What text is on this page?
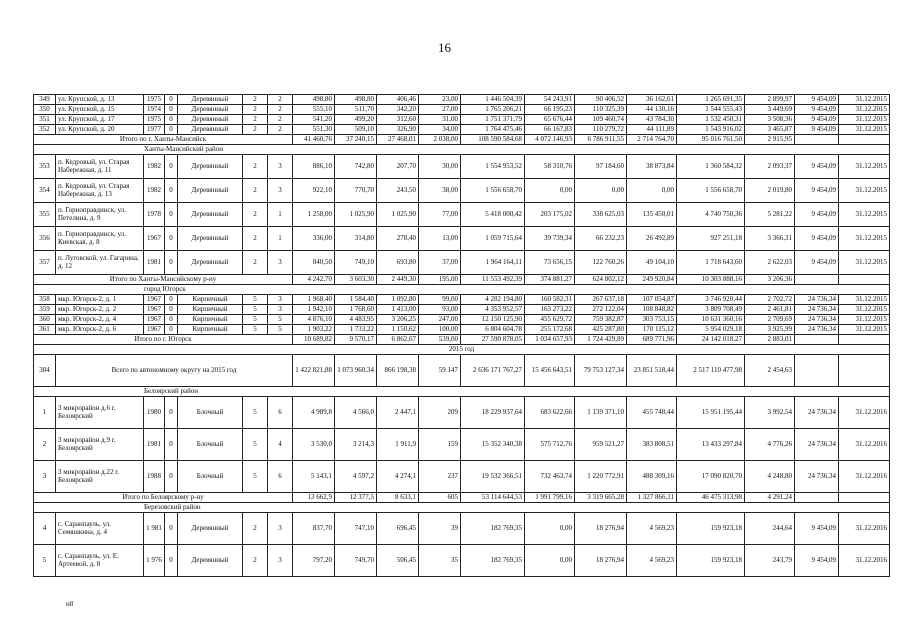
16
349	ул. Крупской, д. 13	1975	0	Деревянный	2	2	498,80	498,80	406,46	23,00	1 446 504,39	54 243,91	90 406,52	36 162,61	1 265 691,35	2 899,97	9 454,09	31.12.2015
350	ул. Крупской, д. 15	1974	0	Деревянный	2	2	555,10	511,70	342,20	27,00	1 765 206,21	66 195,23	110 325,39	44 130,16	1 544 555,43	3 449,69	9 454,09	31.12.2015
351	ул. Крупской, д. 17	1975	0	Деревянный	2	2	541,20	499,20	312,60	31,00	1 751 371,79	65 676,44	109 460,74	43 784,30	1 532 450,31	3 508,36	9 454,09	31.12.2015
352	ул. Крупской, д. 20	1977	0	Деревянный	2	2	551,30	509,10	326,90	34,00	1 764 475,46	66 167,83	110 279,72	44 111,89	1 543 916,02	3 465,87	9 454,09	31.12.2015
Итого по г. Ханты-Мансийск							41 460,76	37 240,15	27 468,01	2 038,00	108 590 584,68	4 072 146,93	6 786 911,55	2 714 764,70	95 016 761,50	2 915,95		
Ханты-Мансийский район																		
353	п. Кедровый, ул. Старая Набережная, д. 11	1982	0	Деревянный	2	3	886,10	742,80	207,70	30,00	1 554 953,52	58 310,76	97 184,60	38 873,84	1 360 584,32	2 093,37	9 454,09	31.12.2015
354	п. Кедровый, ул. Старая Набережная, д. 13	1982	0	Деревянный	2	3	922,10	770,70	243,50	38,00	1 556 658,70	0,00	0,00	0,00	1 556 658,70	2 019,80	9 454,09	31.12.2015
355	п. Горноправдинск, ул. Петелина, д. 9	1978	0	Деревянный	2	1	1 258,00	1 025,90	1 025,90	77,00	5 418 000,42	203 175,02	338 625,03	135 450,01	4 740 750,36	5 281,22	9 454,09	31.12.2015
356	п. Горноправдинск, ул. Киевская, д. 8	1967	0	Деревянный	2	1	336,00	314,80	278,40	13,00	1 059 715,64	39 739,34	66 232,23	26 492,89	927 251,18	3 366,31	9 454,09	31.12.2015
357	п. Луговской, ул. Гагарина, д. 12	1981	0	Деревянный	2	3	840,50	749,10	693,80	37,00	1 964 164,11	73 656,15	122 760,26	49 104,10	1 718 643,60	2 622,03	9 454,09	31.12.2015
Итого по Ханты-Мансийскому р-ну							4 242,70	3 603,30	2 449,30	195,00	11 553 492,39	374 881,27	624 802,12	249 920,84	10 303 888,16	3 206,36		
город Югорск																		
358	мкр. Югорск-2, д. 1	1967	0	Кирпичный	5	3	1 968,40	1 584,40	1 092,80	99,00	4 282 194,80	160 582,31	267 637,18	107 054,87	3 746 920,44	2 702,72	24 736,34	31.12.2015
359	мкр. Югорск-2, д. 2	1967	0	Кирпичный	5	3	1 942,10	1 768,60	1 413,00	93,00	4 353 952,57	163 273,22	272 122,04	108 848,82	3 809 708,49	2 461,81	24 736,34	31.12.2015
360	мкр. Югорск-2, д. 4	1967	0	Кирпичный	5	5	4 876,10	4 483,95	3 206,25	247,00	12 150 125,90	455 629,72	759 382,87	303 753,15	10 631 360,16	2 709,69	24 736,34	31.12.2015
361	мкр. Югорск-2, д. 6	1967	0	Кирпичный	5	5	1 903,22	1 733,22	1 150,62	100,00	6 804 604,78	255 172,68	425 287,80	170 115,12	5 954 029,18	3 925,99	24 736,34	31.12.2015
Итого по г. Югорск							10 689,82	9 570,17	6 862,67	539,00	27 590 878,05	1 034 657,93	1 724 429,89	689 771,96	24 142 018,27	2 883,01		
2015 год																		
384	Всего по автономному округу на 2015 год						1 422 821,88	1 073 960,34	866 198,38	59 147	2 636 171 767,27	15 456 643,51	79 753 127,34	23 851 518,44	2 517 110 477,98	2 454,63		
Белоярский район																		
1	3 микрорайон д.6 г. Белоярский	1980	0	Блочный	5	6	4 989,8	4 566,0	2 447,1	209	18 229 937,64	683 622,66	1 139 371,10	455 748,44	15 951 195,44	3 992,54	24 736,34	31.12.2016
2	3 микрорайон д.9 г. Белоярский	1981	0	Блочный	5	4	3 530,0	3 214,3	1 911,9	159	15 352 340,38	575 712,76	959 521,27	383 808,51	13 433 297,84	4 776,26	24 736,34	31.12.2016
3	3 микрорайон д.22 г. Белоярский	1988	0	Блочный	5	6	5 143,1	4 597,2	4 274,1	237	19 532 366,51	732 463,74	1 220 772,91	488 309,16	17 090 820,70	4 248,80	24 736,34	31.12.2016
Итого по Белоярскому р-ну							13 662,9	12 377,5	8 633,1	605	53 114 644,53	1 991 799,16	3 319 665,28	1 327 866,11	46 475 313,98	4 291,24		
Березовский район																		
4	с. Саранпауль, ул. Семяшкина, д. 4	1 981	0	Деревянный	2	3	837,70	747,10	696,45	39	182 769,35	0,00	18 276,94	4 569,23	159 923,18	244,64	9 454,09	31.12.2016
5	с. Саранпауль, ул. Е. Артеевой, д. 8	1 976	0	Деревянный	2	3	797,20	749,70	506,45	35	182 769,35	0,00	18 276,94	4 569,23	159 923,18	243,79	9 454,09	31.12.2016
н8
